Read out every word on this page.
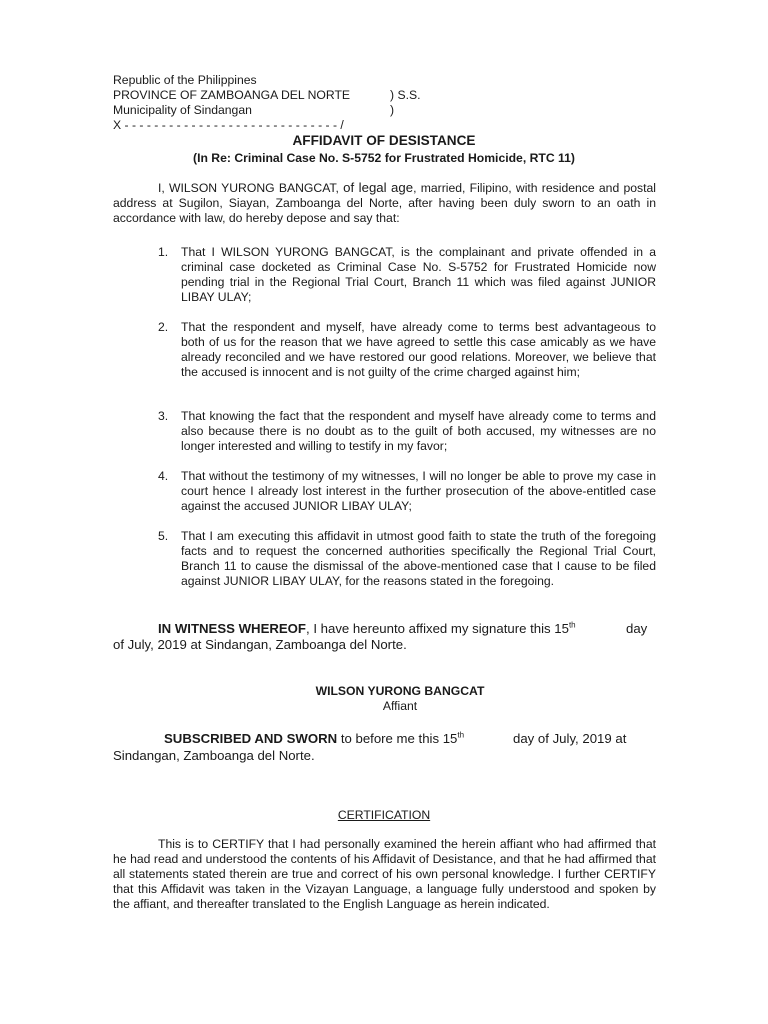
Republic of the Philippines
PROVINCE OF ZAMBOANGA DEL NORTE	) S.S.
Municipality of Sindangan	)
X - - - - - - - - - - - - - - - - - - - - - - - - - - - - - /
AFFIDAVIT OF DESISTANCE
(In Re: Criminal Case No. S-5752 for Frustrated Homicide, RTC 11)
I, WILSON YURONG BANGCAT, of legal age, married, Filipino, with residence and postal address at Sugilon, Siayan, Zamboanga del Norte, after having been duly sworn to an oath in accordance with law, do hereby depose and say that:
1. That I WILSON YURONG BANGCAT, is the complainant and private offended in a criminal case docketed as Criminal Case No. S-5752 for Frustrated Homicide now pending trial in the Regional Trial Court, Branch 11 which was filed against JUNIOR LIBAY ULAY;
2. That the respondent and myself, have already come to terms best advantageous to both of us for the reason that we have agreed to settle this case amicably as we have already reconciled and we have restored our good relations. Moreover, we believe that the accused is innocent and is not guilty of the crime charged against him;
3. That knowing the fact that the respondent and myself have already come to terms and also because there is no doubt as to the guilt of both accused, my witnesses are no longer interested and willing to testify in my favor;
4. That without the testimony of my witnesses, I will no longer be able to prove my case in court hence I already lost interest in the further prosecution of the above-entitled case against the accused JUNIOR LIBAY ULAY;
5. That I am executing this affidavit in utmost good faith to state the truth of the foregoing facts and to request the concerned authorities specifically the Regional Trial Court, Branch 11 to cause the dismissal of the above-mentioned case that I cause to be filed against JUNIOR LIBAY ULAY, for the reasons stated in the foregoing.
IN WITNESS WHEREOF, I have hereunto affixed my signature this 15th	day
of July, 2019 at Sindangan, Zamboanga del Norte.
WILSON YURONG BANGCAT
Affiant
SUBSCRIBED AND SWORN to before me this 15th	day of July, 2019 at
Sindangan, Zamboanga del Norte.
CERTIFICATION
This is to CERTIFY that I had personally examined the herein affiant who had affirmed that he had read and understood the contents of his Affidavit of Desistance, and that he had affirmed that all statements stated therein are true and correct of his own personal knowledge. I further CERTIFY that this Affidavit was taken in the Vizayan Language, a language fully understood and spoken by the affiant, and thereafter translated to the English Language as herein indicated.
